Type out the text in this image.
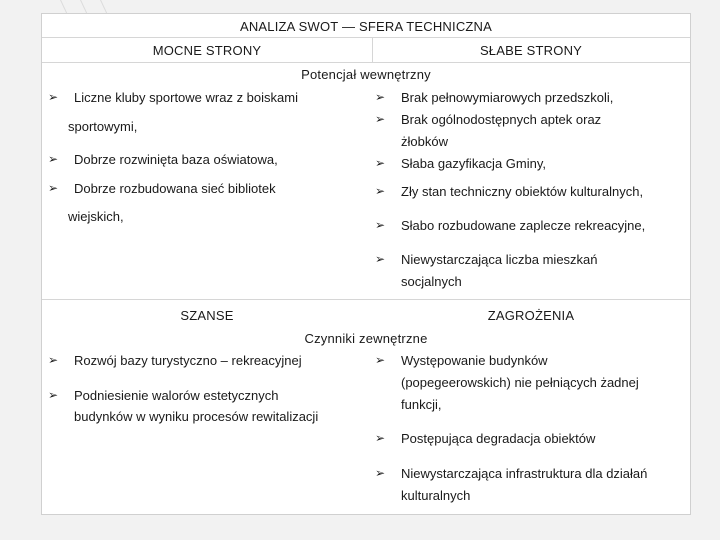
ANALIZA SWOT — SFERA TECHNICZNA
MOCNE STRONY	SŁABE STRONY
Potencjał wewnętrzny
➢ Liczne kluby sportowe wraz z boiskami
sportowymi,
➢ Dobrze rozwinięta baza oświatowa,
➢ Dobrze rozbudowana sieć bibliotek
wiejskich,
➢ Brak pełnowymiarowych przedszkoli,
➢ Brak ogólnodostępnych aptek oraz
żłobków
➢ Słaba gazyfikacja Gminy,
➢ Zły stan techniczny obiektów kulturalnych,
➢ Słabo rozbudowane zaplecze rekreacyjne,
➢ Niewystarczająca liczba mieszkań
socjalnych
SZANSE	ZAGROŻENIA
Czynniki zewnętrzne
➢ Rozwój bazy turystyczno – rekreacyjnej
➢ Podniesienie walorów estetycznych
budynków w wyniku procesów rewitalizacji
➢ Występowanie budynków
(popegeerowskich) nie pełniących żadnej
funkcji,
➢ Postępująca degradacja obiektów
➢ Niewystarczająca infrastruktura dla działań
kulturalnych
